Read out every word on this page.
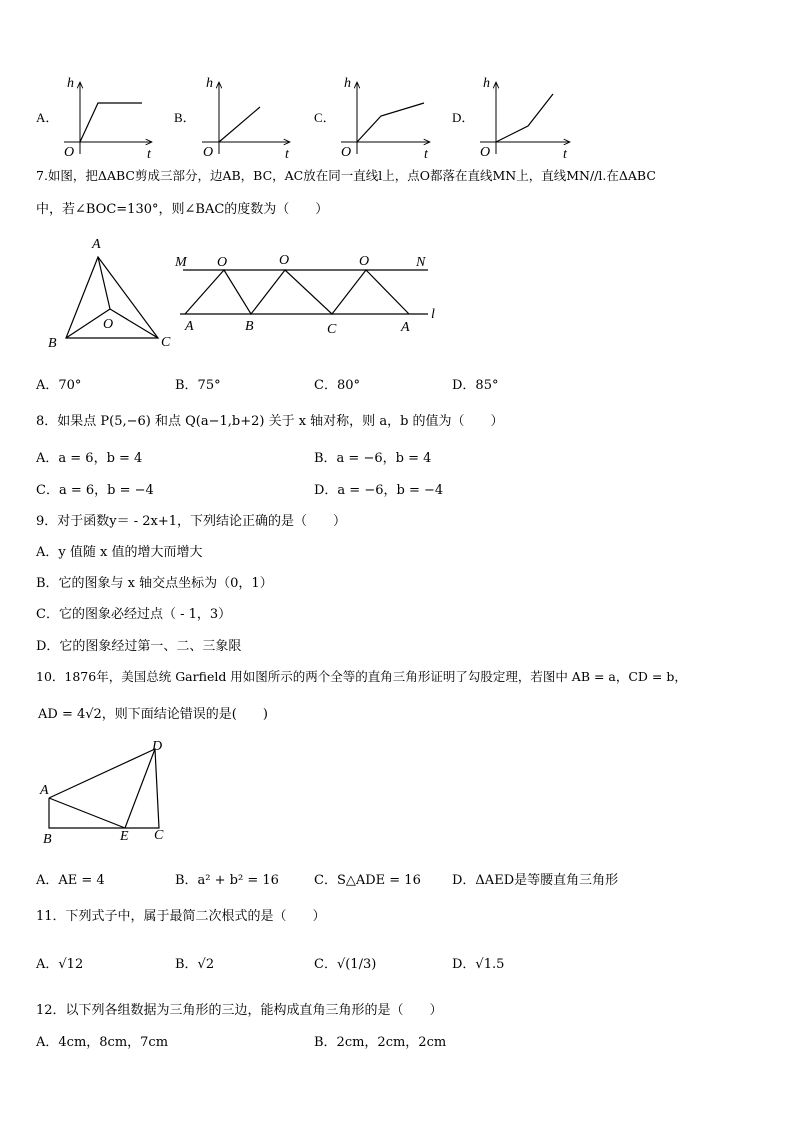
A．
h
O	t
B．
h
O	t
C．
h
O	t
D．
h
O	t
7.如图，把ΔABC剪成三部分，边AB，BC，AC放在同一直线l上，点O都落在直线MN上，直线MN//l.在ΔABC
中，若∠BOC=130°，则∠BAC的度数为（　　）
A
B	C
O
M O	O	O	N
A	B	C	A
l
A．70°	B．75°	C．80°	D．85°
8．如果点 P(5,−6) 和点 Q(a−1,b+2) 关于 x 轴对称，则 a，b 的值为（　　）
A．a = 6，b = 4	B．a = −6，b = 4
C．a = 6，b = −4	D．a = −6，b = −4
9．对于函数y＝ - 2x+1，下列结论正确的是（　　）
A．y 值随 x 值的增大而增大
B．它的图象与 x 轴交点坐标为（0，1）
C．它的图象必经过点（ - 1，3）
D．它的图象经过第一、二、三象限
10．1876年，美国总统 Garfield 用如图所示的两个全等的直角三角形证明了勾股定理，若图中 AB = a，CD = b，
AD = 4√2，则下面结论错误的是(　　)
D
A
B	E C
A．AE = 4	B．a² + b² = 16	C．S△ADE = 16 D．ΔAED是等腰直角三角形
11．下列式子中，属于最简二次根式的是（　　）
A．√12	B．√2	C．√(1/3)	D．√1.5
12．以下列各组数据为三角形的三边，能构成直角三角形的是（　　）
A．4cm，8cm，7cm	B．2cm，2cm，2cm
